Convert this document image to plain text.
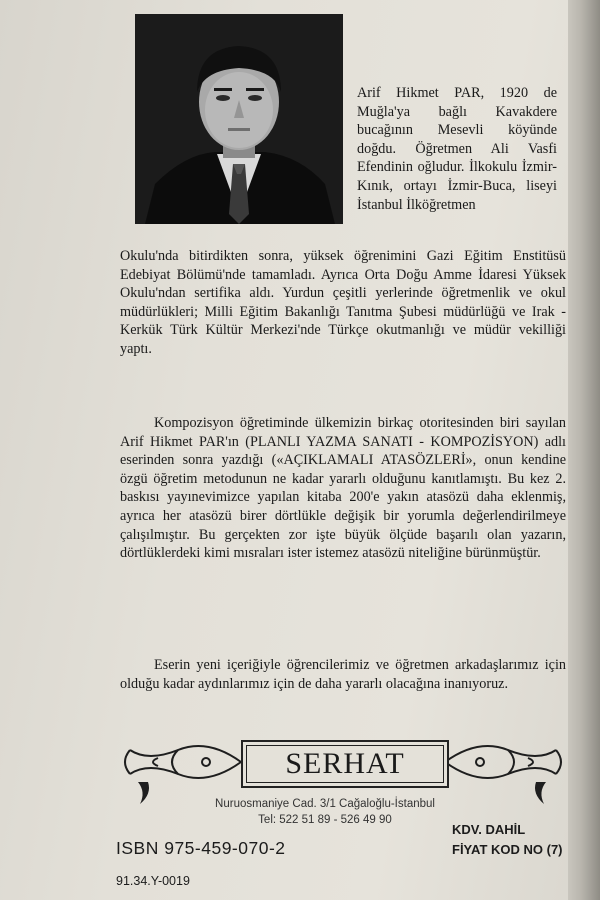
Arif Hikmet PAR, 1920 de Muğla'ya bağlı Kavakdere bucağının Mesevli köyünde doğdu. Öğretmen Ali Vasfi Efendinin oğludur. İlkokulu İzmir-Kınık, ortayı İzmir-Buca, liseyi İstanbul İlköğretmen

Okulu'nda bitirdikten sonra, yüksek öğrenimini Gazi Eğitim Enstitüsü Edebiyat Bölümü'nde tamamladı. Ayrıca Orta Doğu Amme İdaresi Yüksek Okulu'ndan sertifika aldı. Yurdun çeşitli yerlerinde öğretmenlik ve okul müdürlükleri; Milli Eğitim Bakanlığı Tanıtma Şubesi müdürlüğü ve Irak - Kerkük Türk Kültür Merkezi'nde Türkçe okutmanlığı ve müdür vekilliği yaptı.

Kompozisyon öğretiminde ülkemizin birkaç otoritesinden biri sayılan Arif Hikmet PAR'ın (PLANLI YAZMA SANATI - KOMPOZİSYON) adlı eserinden sonra yazdığı («AÇIKLAMALI ATASÖZLERİ», onun kendine özgü öğretim metodunun ne kadar yararlı olduğunu kanıtlamıştı. Bu kez 2. baskısı yayınevimizce yapılan kitaba 200'e yakın atasözü daha eklenmiş, ayrıca her atasözü birer dörtlükle değişik bir yorumla değerlendirilmeye çalışılmıştır. Bu gerçekten zor işte büyük ölçüde başarılı olan yazarın, dörtlüklerdeki kimi mısraları ister istemez atasözü niteliğine bürünmüştür.

Eserin yeni içeriğiyle öğrencilerimiz ve öğretmen arkadaşlarımız için olduğu kadar aydınlarımız için de daha yararlı olacağına inanıyoruz.

SERHAT
Nuruosmaniye Cad. 3/1 Cağaloğlu-İstanbul
Tel: 522 51 89 - 526 49 90
KDV. DAHİL
FİYAT KOD NO (7)
ISBN 975-459-070-2
91.34.Y-0019
